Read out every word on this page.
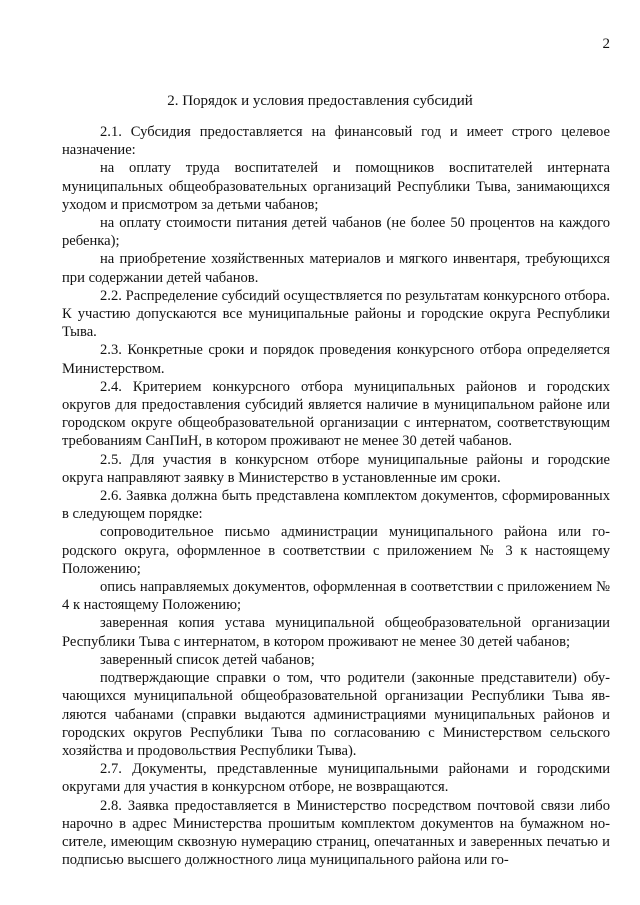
2
2. Порядок и условия предоставления субсидий

2.1. Субсидия предоставляется на финансовый год и имеет строго целевое назначение:

на оплату труда воспитателей и помощников воспитателей интерната муниципальных общеобразовательных организаций Республики Тыва, занимающихся уходом и присмотром за детьми чабанов;

на оплату стоимости питания детей чабанов (не более 50 процентов на каждого ребенка);

на приобретение хозяйственных материалов и мягкого инвентаря, требующихся при содержании детей чабанов.

2.2. Распределение субсидий осуществляется по результатам конкурсного отбора. К участию допускаются все муниципальные районы и городские округа Республики Тыва.

2.3. Конкретные сроки и порядок проведения конкурсного отбора определяется Министерством.

2.4. Критерием конкурсного отбора муниципальных районов и городских округов для предоставления субсидий является наличие в муниципальном районе или городском округе общеобразовательной организации с интернатом, соответствующим требованиям СанПиН, в котором проживают не менее 30 детей чабанов.

2.5. Для участия в конкурсном отборе муниципальные районы и городские округа направляют заявку в Министерство в установленные им сроки.

2.6. Заявка должна быть представлена комплектом документов, сформированных в следующем порядке:

сопроводительное письмо администрации муниципального района или городского округа, оформленное в соответствии с приложением № 3 к настоящему Положению;

опись направляемых документов, оформленная в соответствии с приложением № 4 к настоящему Положению;

заверенная копия устава муниципальной общеобразовательной организации Республики Тыва с интернатом, в котором проживают не менее 30 детей чабанов;

заверенный список детей чабанов;

подтверждающие справки о том, что родители (законные представители) обучающихся муниципальной общеобразовательной организации Республики Тыва являются чабанами (справки выдаются администрациями муниципальных районов и городских округов Республики Тыва по согласованию с Министерством сельского хозяйства и продовольствия Республики Тыва).

2.7. Документы, представленные муниципальными районами и городскими округами для участия в конкурсном отборе, не возвращаются.

2.8. Заявка предоставляется в Министерство посредством почтовой связи либо нарочно в адрес Министерства прошитым комплектом документов на бумажном носителе, имеющим сквозную нумерацию страниц, опечатанных и заверенных печатью и подписью высшего должностного лица муниципального района или го-
